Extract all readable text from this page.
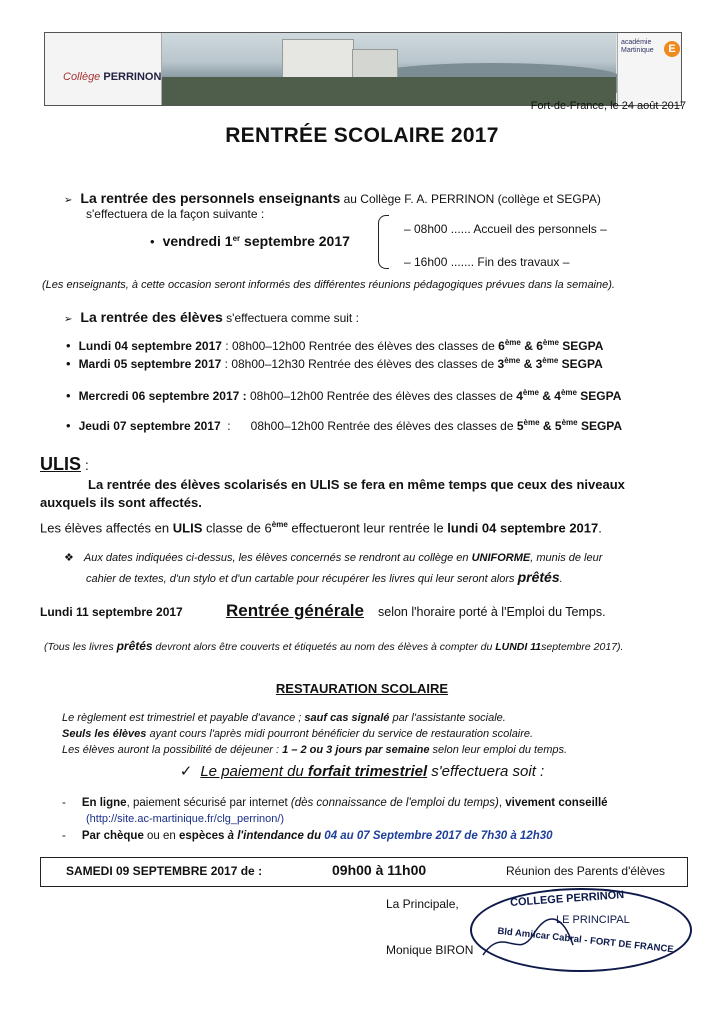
Collège PERRINON
académie Martinique	E
Fort-de-France, le 24 août 2017
RENTRÉE SCOLAIRE 2017
➢ La rentrée des personnels enseignants au Collège F. A. PERRINON (collège et SEGPA)
s'effectuera de la façon suivante :
• vendredi 1er septembre 2017
– 08h00 ...... Accueil des personnels –
– 16h00 ....... Fin des travaux –
(Les enseignants, à cette occasion seront informés des différentes réunions pédagogiques prévues dans la semaine).
➢ La rentrée des élèves s'effectuera comme suit :
• Lundi 04 septembre 2017 : 08h00–12h00 Rentrée des élèves des classes de 6ème & 6ème SEGPA
• Mardi 05 septembre 2017 : 08h00–12h30 Rentrée des élèves des classes de 3ème & 3ème SEGPA
• Mercredi 06 septembre 2017 : 08h00–12h00 Rentrée des élèves des classes de 4ème & 4ème SEGPA
• Jeudi 07 septembre 2017  :      08h00–12h00 Rentrée des élèves des classes de 5ème & 5ème SEGPA
ULIS :
La rentrée des élèves scolarisés en ULIS se fera en même temps que ceux des niveaux
auxquels ils sont affectés.
Les élèves affectés en ULIS classe de 6ème effectueront leur rentrée le lundi 04 septembre 2017.
❖ Aux dates indiquées ci-dessus, les élèves concernés se rendront au collège en UNIFORME, munis de leur
cahier de textes, d'un stylo et d'un cartable pour récupérer les livres qui leur seront alors prêtés.
Lundi 11 septembre 2017	Rentrée générale selon l'horaire porté à l'Emploi du Temps.
(Tous les livres prêtés devront alors être couverts et étiquetés au nom des élèves à compter du LUNDI 11septembre 2017).
RESTAURATION SCOLAIRE
Le règlement est trimestriel et payable d'avance ; sauf cas signalé par l'assistante sociale.
Seuls les élèves ayant cours l'après midi pourront bénéficier du service de restauration scolaire.
Les élèves auront la possibilité de déjeuner : 1 – 2 ou 3 jours par semaine selon leur emploi du temps.
✓ Le paiement du forfait trimestriel s'effectuera soit :
- En ligne, paiement sécurisé par internet (dès connaissance de l'emploi du temps), vivement conseillé
(http://site.ac-martinique.fr/clg_perrinon/)
- Par chèque ou en espèces à l'intendance du 04 au 07 Septembre 2017 de 7h30 à 12h30
SAMEDI 09 SEPTEMBRE 2017 de :	09h00 à 11h00	Réunion des Parents d'élèves
La Principale,
Monique BIRON
COLLEGE PERRINON
LE PRINCIPAL
Bld Amilcar Cabral - FORT DE FRANCE
